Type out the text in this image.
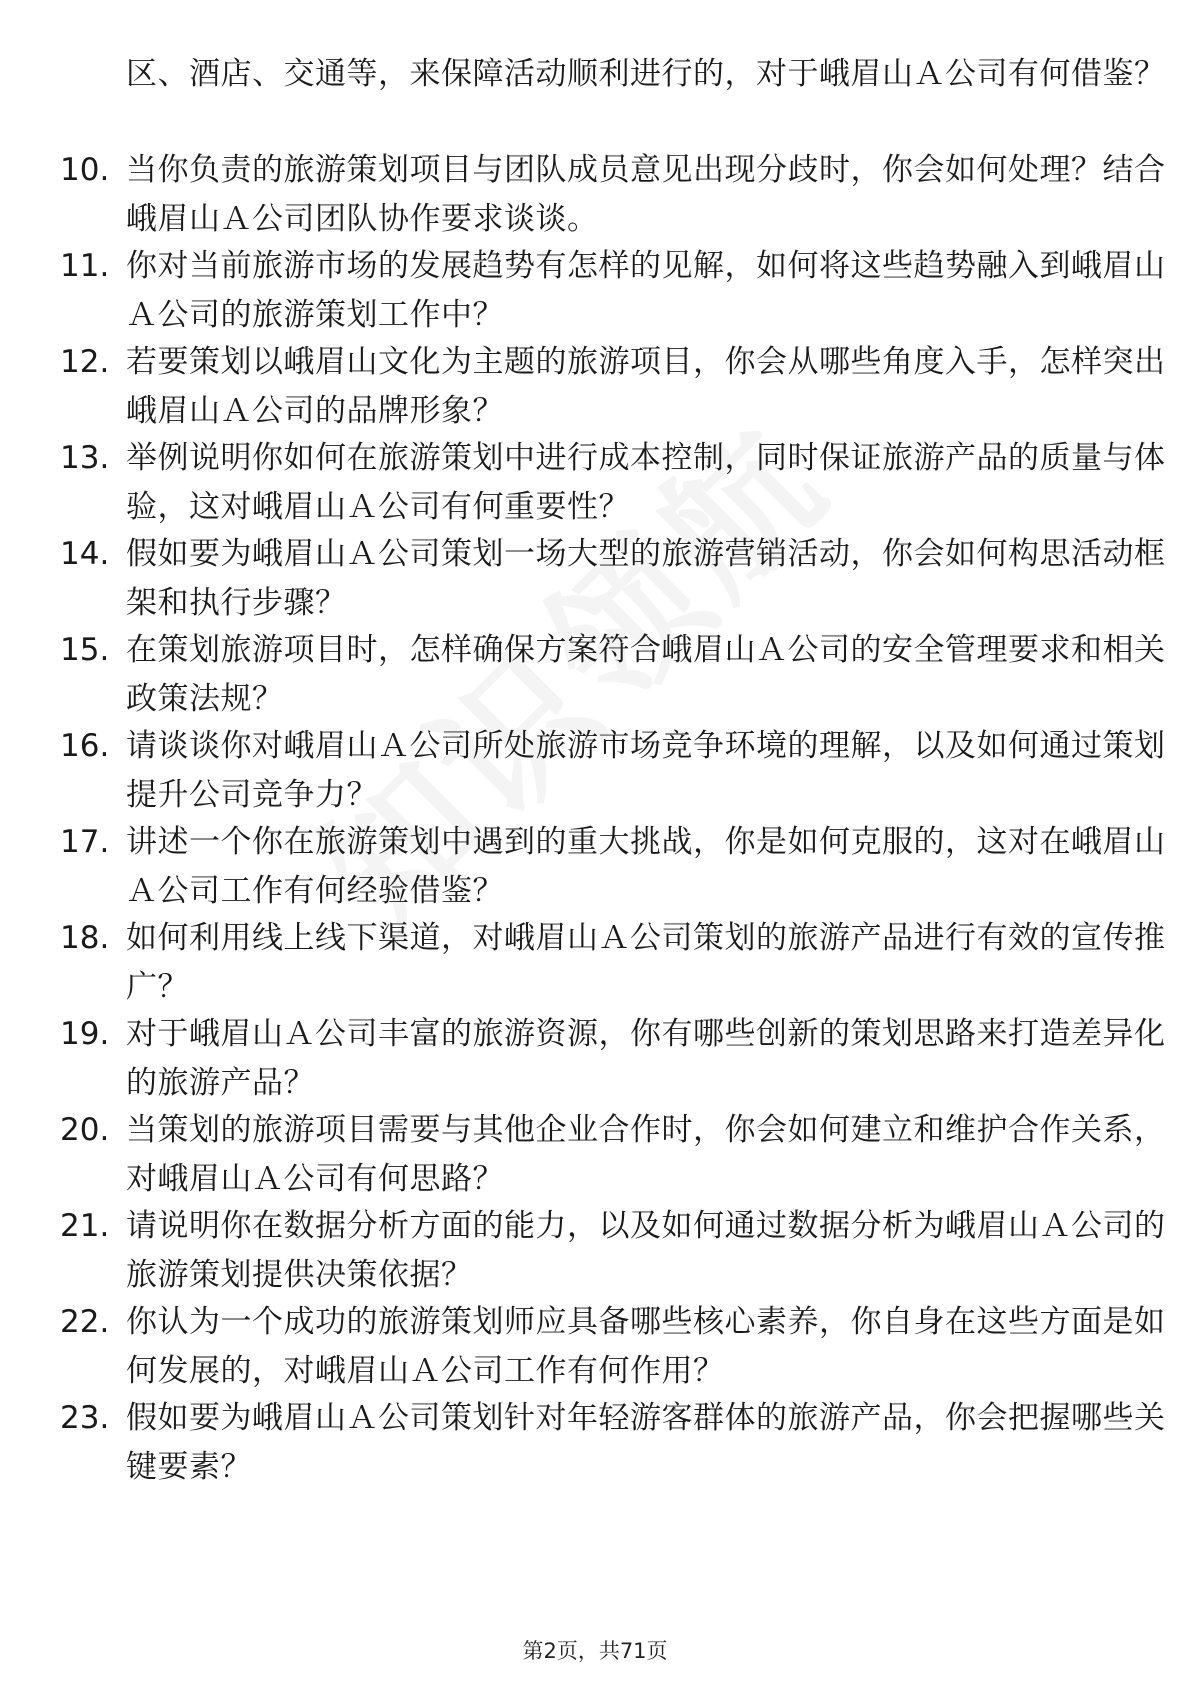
区、酒店、交通等，来保障活动顺利进行的，对于峨眉山Ａ公司有何借鉴？
10. 当你负责的旅游策划项目与团队成员意见出现分歧时，你会如何处理？结合峨眉山Ａ公司团队协作要求谈谈。
11. 你对当前旅游市场的发展趋势有怎样的见解，如何将这些趋势融入到峨眉山Ａ公司的旅游策划工作中？
12. 若要策划以峨眉山文化为主题的旅游项目，你会从哪些角度入手，怎样突出峨眉山Ａ公司的品牌形象？
13. 举例说明你如何在旅游策划中进行成本控制，同时保证旅游产品的质量与体验，这对峨眉山Ａ公司有何重要性？
14. 假如要为峨眉山Ａ公司策划一场大型的旅游营销活动，你会如何构思活动框架和执行步骤？
15. 在策划旅游项目时，怎样确保方案符合峨眉山Ａ公司的安全管理要求和相关政策法规？
16. 请谈谈你对峨眉山Ａ公司所处旅游市场竞争环境的理解，以及如何通过策划提升公司竞争力？
17. 讲述一个你在旅游策划中遇到的重大挑战，你是如何克服的，这对在峨眉山Ａ公司工作有何经验借鉴？
18. 如何利用线上线下渠道，对峨眉山Ａ公司策划的旅游产品进行有效的宣传推广？
19. 对于峨眉山Ａ公司丰富的旅游资源，你有哪些创新的策划思路来打造差异化的旅游产品？
20. 当策划的旅游项目需要与其他企业合作时，你会如何建立和维护合作关系，对峨眉山Ａ公司有何思路？
21. 请说明你在数据分析方面的能力，以及如何通过数据分析为峨眉山Ａ公司的旅游策划提供决策依据？
22. 你认为一个成功的旅游策划师应具备哪些核心素养，你自身在这些方面是如何发展的，对峨眉山Ａ公司工作有何作用？
23. 假如要为峨眉山Ａ公司策划针对年轻游客群体的旅游产品，你会把握哪些关键要素？
第2页，共71页
